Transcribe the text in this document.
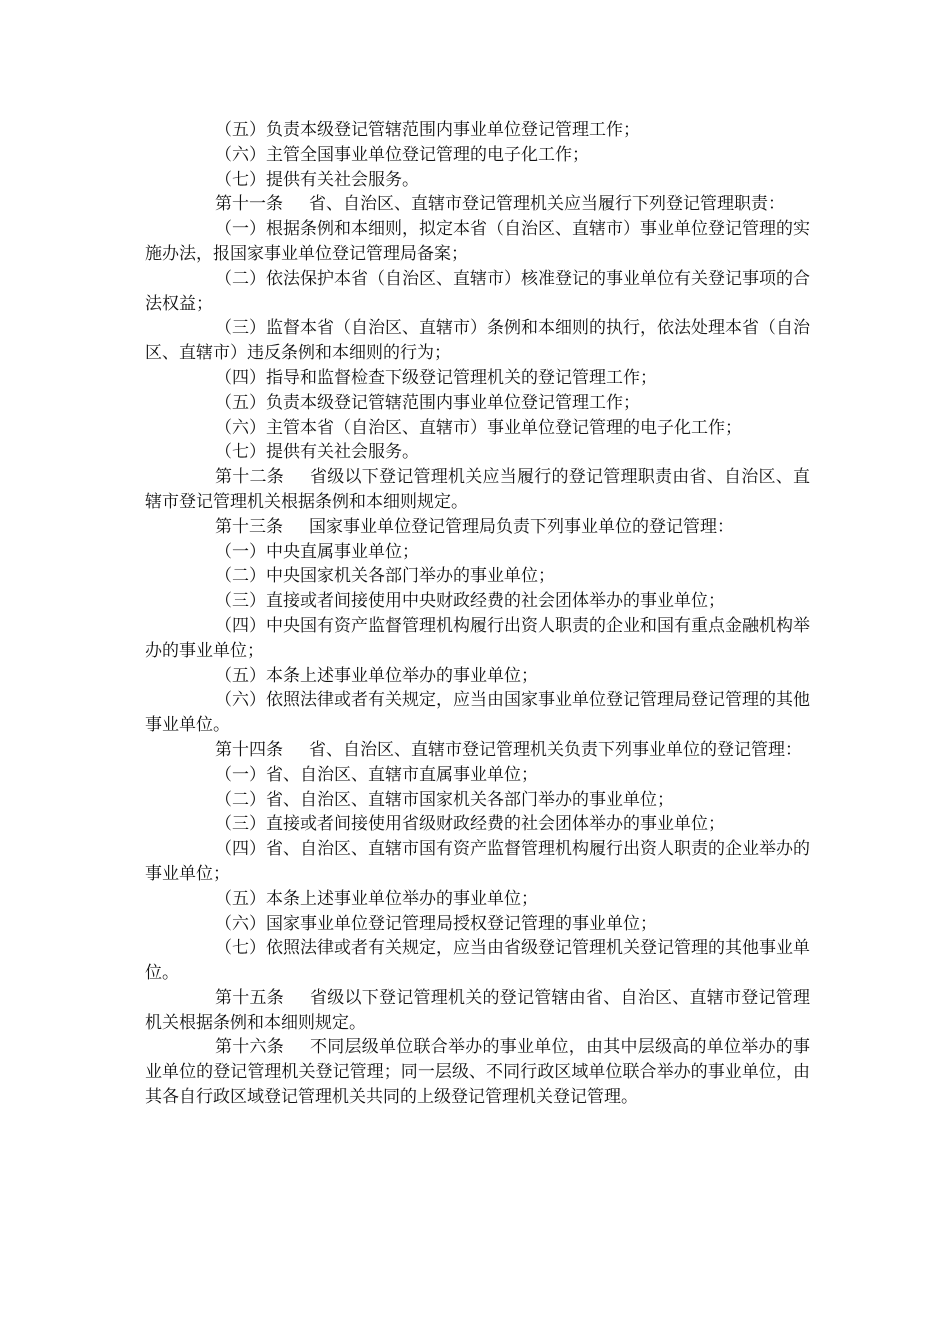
（五）负责本级登记管辖范围内事业单位登记管理工作；

（六）主管全国事业单位登记管理的电子化工作；

（七）提供有关社会服务。

第十一条 省、自治区、直辖市登记管理机关应当履行下列登记管理职责：

（一）根据条例和本细则，拟定本省（自治区、直辖市）事业单位登记管理的实施办法，报国家事业单位登记管理局备案；

（二）依法保护本省（自治区、直辖市）核准登记的事业单位有关登记事项的合法权益；

（三）监督本省（自治区、直辖市）条例和本细则的执行，依法处理本省（自治区、直辖市）违反条例和本细则的行为；

（四）指导和监督检查下级登记管理机关的登记管理工作；

（五）负责本级登记管辖范围内事业单位登记管理工作；

（六）主管本省（自治区、直辖市）事业单位登记管理的电子化工作；

（七）提供有关社会服务。

第十二条 省级以下登记管理机关应当履行的登记管理职责由省、自治区、直辖市登记管理机关根据条例和本细则规定。

第十三条 国家事业单位登记管理局负责下列事业单位的登记管理：

（一）中央直属事业单位；

（二）中央国家机关各部门举办的事业单位；

（三）直接或者间接使用中央财政经费的社会团体举办的事业单位；

（四）中央国有资产监督管理机构履行出资人职责的企业和国有重点金融机构举办的事业单位；

（五）本条上述事业单位举办的事业单位；

（六）依照法律或者有关规定，应当由国家事业单位登记管理局登记管理的其他事业单位。

第十四条 省、自治区、直辖市登记管理机关负责下列事业单位的登记管理：

（一）省、自治区、直辖市直属事业单位；

（二）省、自治区、直辖市国家机关各部门举办的事业单位；

（三）直接或者间接使用省级财政经费的社会团体举办的事业单位；

（四）省、自治区、直辖市国有资产监督管理机构履行出资人职责的企业举办的事业单位；

（五）本条上述事业单位举办的事业单位；

（六）国家事业单位登记管理局授权登记管理的事业单位；

（七）依照法律或者有关规定，应当由省级登记管理机关登记管理的其他事业单位。

第十五条 省级以下登记管理机关的登记管辖由省、自治区、直辖市登记管理机关根据条例和本细则规定。

第十六条 不同层级单位联合举办的事业单位，由其中层级高的单位举办的事业单位的登记管理机关登记管理；同一层级、不同行政区域单位联合举办的事业单位，由其各自行政区域登记管理机关共同的上级登记管理机关登记管理。
